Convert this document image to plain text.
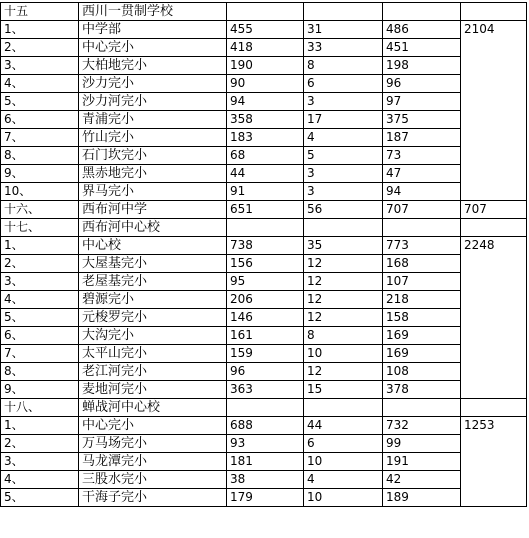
十五	西川一贯制学校				
1、	中学部	455	31	486	2104
2、	中心完小	418	33	451	
3、	大柏地完小	190	8	198	
4、	沙力完小	90	6	96	
5、	沙力河完小	94	3	97	
6、	青浦完小	358	17	375	
7、	竹山完小	183	4	187	
8、	石门坎完小	68	5	73	
9、	黑赤地完小	44	3	47	
10、	界马完小	91	3	94	
十六、	西布河中学	651	56	707	707
十七、	西布河中心校				
1、	中心校	738	35	773	2248
2、	大屋基完小	156	12	168	
3、	老屋基完小	95	12	107	
4、	碧源完小	206	12	218	
5、	元梭罗完小	146	12	158	
6、	大沟完小	161	8	169	
7、	太平山完小	159	10	169	
8、	老江河完小	96	12	108	
9、	麦地河完小	363	15	378	
十八、	蝉战河中心校				
1、	中心完小	688	44	732	1253
2、	万马场完小	93	6	99	
3、	马龙潭完小	181	10	191	
4、	三股水完小	38	4	42	
5、	干海子完小	179	10	189	
